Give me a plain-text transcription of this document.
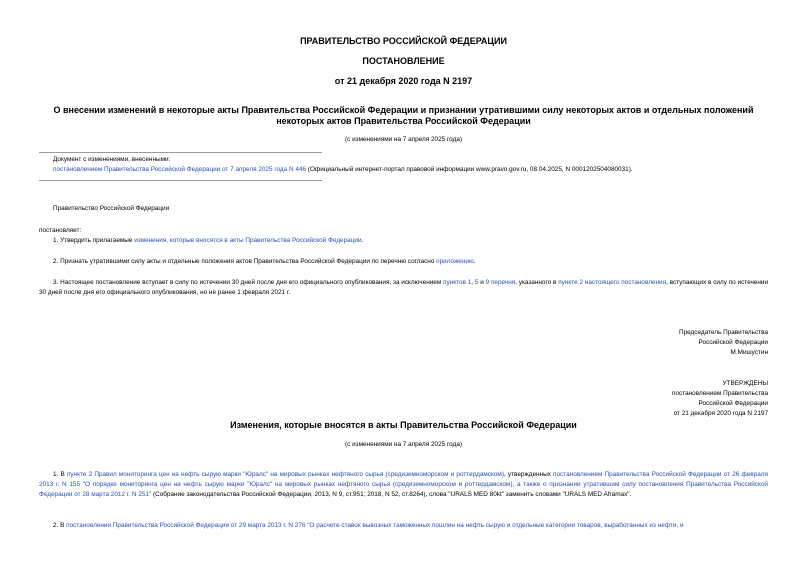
ПРАВИТЕЛЬСТВО РОССИЙСКОЙ ФЕДЕРАЦИИ
ПОСТАНОВЛЕНИЕ
от 21 декабря 2020 года N 2197
О внесении изменений в некоторые акты Правительства Российской Федерации и признании утратившими силу некоторых актов и отдельных положений
некоторых актов Правительства Российской Федерации
(с изменениями на 7 апреля 2025 года)
Документ с изменениями, внесенными:
постановлением Правительства Российской Федерации от 7 апреля 2025 года N 446 (Официальный интернет-портал правовой информации www.pravo.gov.ru, 08.04.2025, N 0001202504080031).
Правительство Российской Федерации
постановляет:
1. Утвердить прилагаемые изменения, которые вносятся в акты Правительства Российской Федерации.
2. Признать утратившими силу акты и отдельные положения актов Правительства Российской Федерации по перечню согласно приложению.
3. Настоящее постановление вступает в силу по истечении 30 дней после дня его официального опубликования, за исключением пунктов 1, 5 и 9 перечня, указанного в пункте 2 настоящего постановления, вступающих в силу по истечении 30 дней после дня его официального опубликования, но не ранее 1 февраля 2021 г.
Председатель Правительства
Российской Федерации
М.Мишустин
УТВЕРЖДЕНЫ
постановлением Правительства
Российской Федерации
от 21 декабря 2020 года N 2197
Изменения, которые вносятся в акты Правительства Российской Федерации
(с изменениями на 7 апреля 2025 года)
1. В пункте 2 Правил мониторинга цен на нефть сырую марки "Юралс" на мировых рынках нефтяного сырья (средиземноморском и роттердамском), утвержденных постановлением Правительства Российской Федерации от 26 февраля 2013 г. N 155 "О порядке мониторинга цен на нефть сырую марки "Юралс" на мировых рынках нефтяного сырья (средиземноморском и роттердамском), а также о признании утратившим силу постановления Правительства Российской Федерации от 28 марта 2012 г. N 251" (Собрание законодательства Российской Федерации, 2013, N 9, ст.951; 2018, N 52, ст.8264), слова "URALS MED 80kt" заменить словами "URALS MED Aframax".
2. В постановлении Правительства Российской Федерации от 29 марта 2013 г. N 276 "О расчете ставок вывозных таможенных пошлин на нефть сырую и отдельные категории товаров, выработанных из нефти, и
